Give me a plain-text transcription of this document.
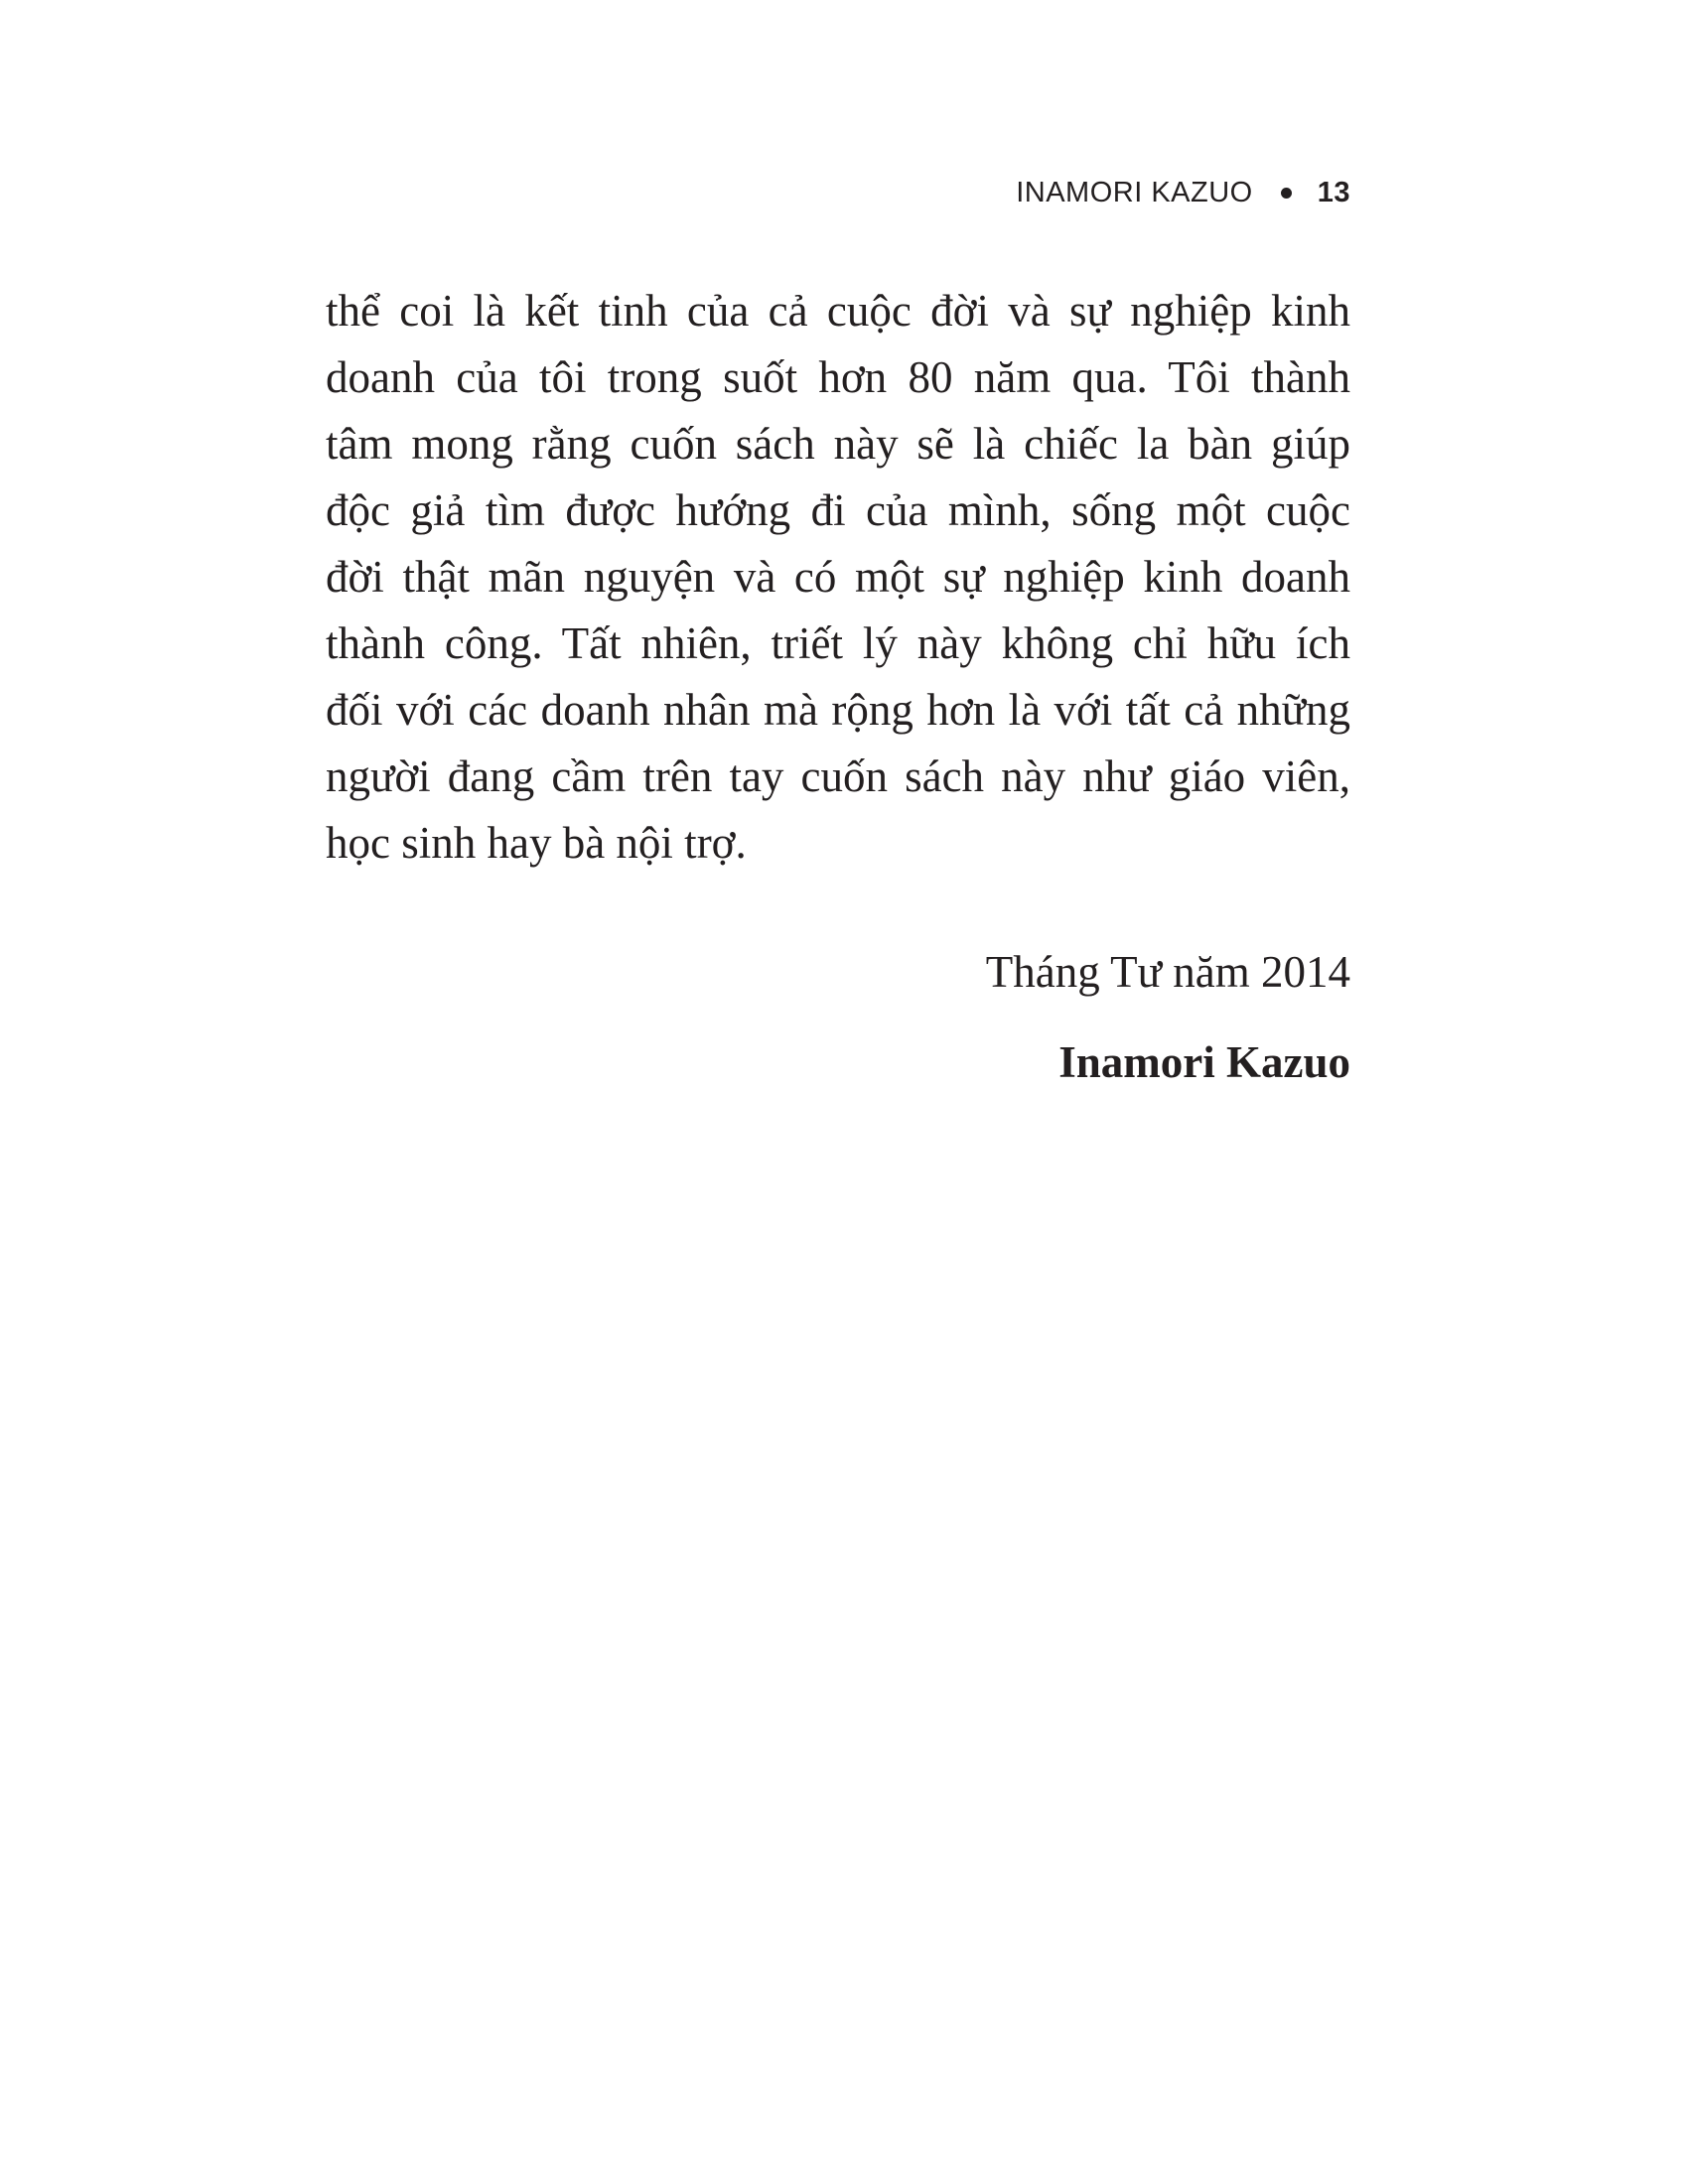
INAMORI KAZUO 13
thể coi là kết tinh của cả cuộc đời và sự nghiệp kinh
doanh của tôi trong suốt hơn 80 năm qua. Tôi thành
tâm mong rằng cuốn sách này sẽ là chiếc la bàn giúp
độc giả tìm được hướng đi của mình, sống một cuộc
đời thật mãn nguyện và có một sự nghiệp kinh doanh
thành công. Tất nhiên, triết lý này không chỉ hữu ích
đối với các doanh nhân mà rộng hơn là với tất cả những
người đang cầm trên tay cuốn sách này như giáo viên,
học sinh hay bà nội trợ.
Tháng Tư năm 2014
Inamori Kazuo
